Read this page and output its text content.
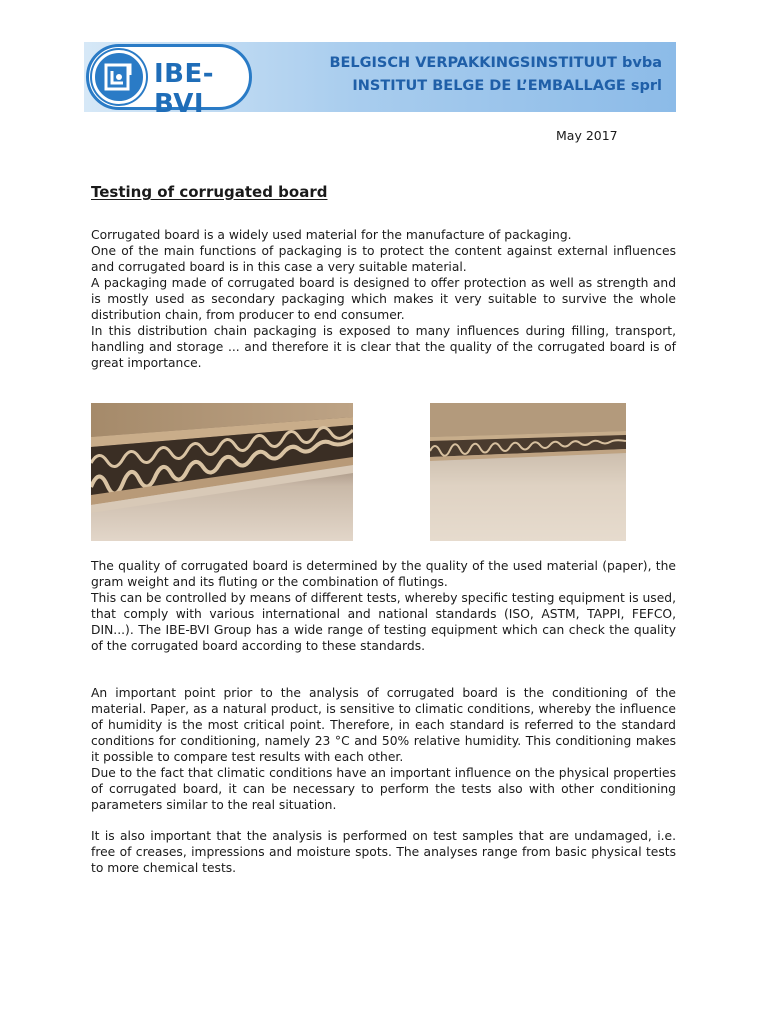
IBE-BVI
BELGISCH VERPAKKINGSINSTITUUT bvba
INSTITUT BELGE DE L’EMBALLAGE sprl
May 2017
Testing of corrugated board

Corrugated board is a widely used material for the manufacture of packaging.

One of the main functions of packaging is to protect the content against external influences and corrugated board is in this case a very suitable material.

A packaging made of corrugated board is designed to offer protection as well as strength and is mostly used as secondary packaging which makes it very suitable to survive the whole distribution chain, from producer to end consumer.

In this distribution chain packaging is exposed to many influences during filling, transport, handling and storage ... and therefore it is clear that the quality of the corrugated board is of great importance.

The quality of corrugated board is determined by the quality of the used material (paper), the gram weight and its fluting or the combination of flutings.

This can be controlled by means of different tests, whereby specific testing equipment is used, that comply with various international and national standards (ISO, ASTM, TAPPI, FEFCO, DIN...). The IBE-BVI Group has a wide range of testing equipment which can check the quality of the corrugated board according to these standards.

An important point prior to the analysis of corrugated board is the conditioning of the material. Paper, as a natural product, is sensitive to climatic conditions, whereby the influence of humidity is the most critical point. Therefore, in each standard is referred to the standard conditions for conditioning, namely 23 °C and 50% relative humidity. This conditioning makes it possible to compare test results with each other.

Due to the fact that climatic conditions have an important influence on the physical properties of corrugated board, it can be necessary to perform the tests also with other conditioning parameters similar to the real situation.

It is also important that the analysis is performed on test samples that are undamaged, i.e. free of creases, impressions and moisture spots. The analyses range from basic physical tests to more chemical tests.
